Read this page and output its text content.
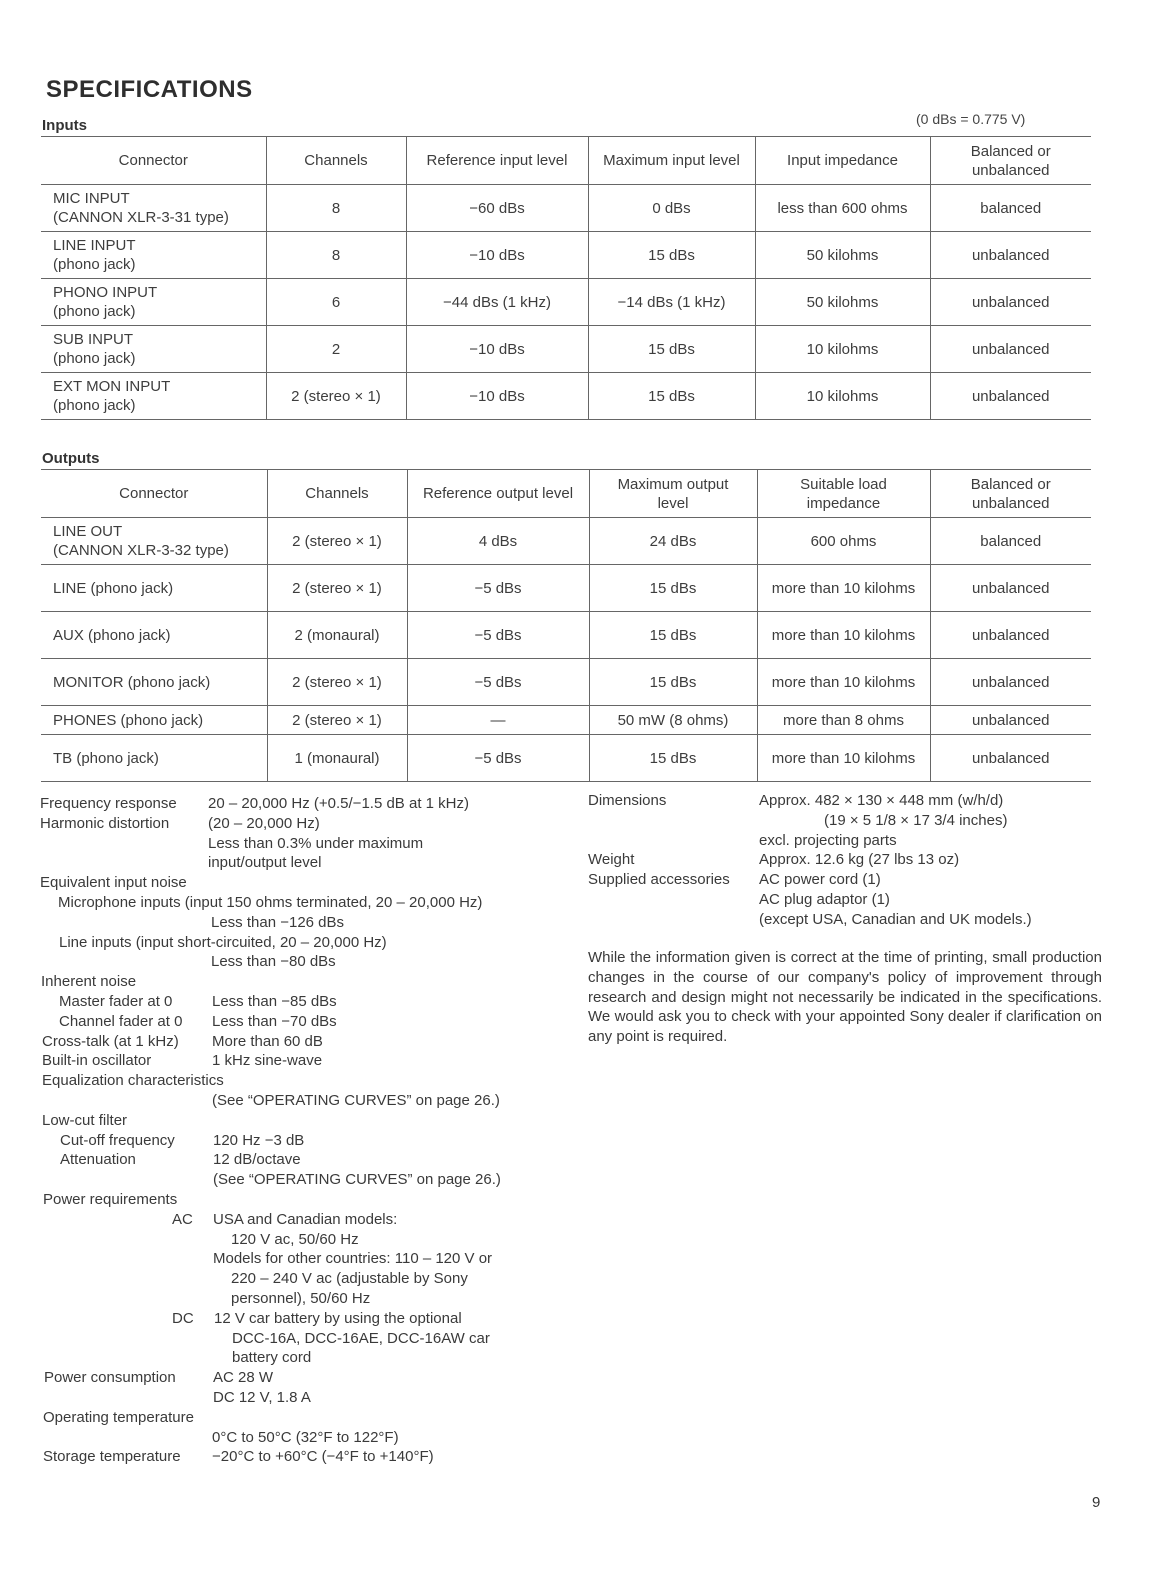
SPECIFICATIONS
Inputs	(0 dBs = 0.775 V)
Connector	Channels	Reference input level	Maximum input level	Input impedance	Balanced or unbalanced

MIC INPUT
(CANNON XLR-3-31 type)	8	−60 dBs	0 dBs	less than 600 ohms	balanced

LINE INPUT
(phono jack)	8	−10 dBs	15 dBs	50 kilohms	unbalanced

PHONO INPUT
(phono jack)	6	−44 dBs (1 kHz)	−14 dBs (1 kHz)	50 kilohms	unbalanced

SUB INPUT
(phono jack)	2	−10 dBs	15 dBs	10 kilohms	unbalanced

EXT MON INPUT
(phono jack)	2 (stereo × 1)	−10 dBs	15 dBs	10 kilohms	unbalanced
Outputs
Connector	Channels	Reference output level	Maximum output level	Suitable load impedance	Balanced or unbalanced

LINE OUT
(CANNON XLR-3-32 type)	2 (stereo × 1)	4 dBs	24 dBs	600 ohms	balanced
LINE (phono jack)	2 (stereo × 1)	−5 dBs	15 dBs	more than 10 kilohms	unbalanced
AUX (phono jack)	2 (monaural)	−5 dBs	15 dBs	more than 10 kilohms	unbalanced
MONITOR (phono jack)	2 (stereo × 1)	−5 dBs	15 dBs	more than 10 kilohms	unbalanced
PHONES (phono jack)	2 (stereo × 1)	—	50 mW (8 ohms)	more than 8 ohms	unbalanced
TB (phono jack)	1 (monaural)	−5 dBs	15 dBs	more than 10 kilohms	unbalanced
Frequency response 20 – 20,000 Hz (+0.5/−1.5 dB at 1 kHz)
Harmonic distortion	(20 – 20,000 Hz)
Less than 0.3% under maximum
input/output level
Equivalent input noise
Microphone inputs (input 150 ohms terminated, 20 – 20,000 Hz)
Less than −126 dBs
Line inputs (input short-circuited, 20 – 20,000 Hz)
Less than −80 dBs
Inherent noise
Master fader at 0	Less than −85 dBs
Channel fader at 0 Less than −70 dBs
Cross-talk (at 1 kHz) More than 60 dB
Built-in oscillator	1 kHz sine-wave
Equalization characteristics
(See “OPERATING CURVES” on page 26.)
Low-cut filter
Cut-off frequency	120 Hz −3 dB
Attenuation	12 dB/octave
(See “OPERATING CURVES” on page 26.)
Power requirements
AC USA and Canadian models:
120 V ac, 50/60 Hz
Models for other countries: 110 – 120 V or
220 – 240 V ac (adjustable by Sony
personnel), 50/60 Hz
DC 12 V car battery by using the optional
DCC-16A, DCC-16AE, DCC-16AW car
battery cord
Power consumption AC 28 W
DC 12 V, 1.8 A
Operating temperature
0°C to 50°C (32°F to 122°F)
Storage temperature −20°C to +60°C (−4°F to +140°F)
Dimensions	Approx. 482 × 130 × 448 mm (w/h/d)
(19 × 5 1/8 × 17 3/4 inches)
excl. projecting parts
Weight	Approx. 12.6 kg (27 lbs 13 oz)
Supplied accessories AC power cord (1)
AC plug adaptor (1)
(except USA, Canadian and UK models.)
While the information given is correct at the time of printing, small production changes in the course of our company's policy of improvement through research and design might not necessarily be indicated in the specifications. We would ask you to check with your appointed Sony dealer if clarification on any point is required.
9
